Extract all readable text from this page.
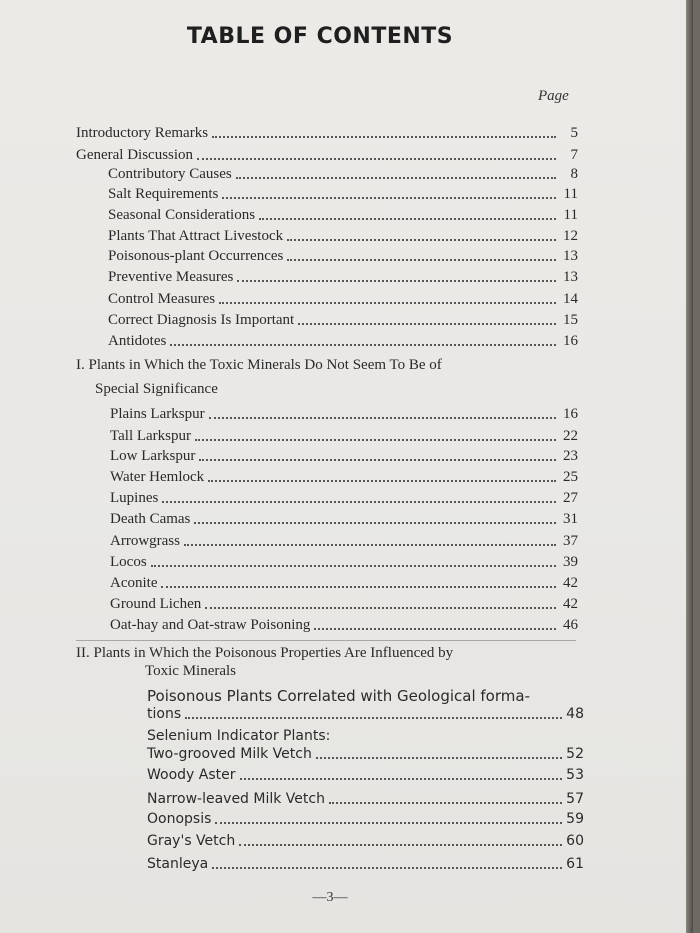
TABLE OF CONTENTS
Page
I. Plants in Which the Toxic Minerals Do Not Seem To Be of
Special Significance
II. Plants in Which the Poisonous Properties Are Influenced by
Toxic Minerals
Poisonous Plants Correlated with Geological forma-
tions	48
Selenium Indicator Plants:
Introductory Remarks	5
General Discussion	7
Contributory Causes	8
Salt Requirements	11
Seasonal Considerations	11
Plants That Attract Livestock	12
Poisonous-plant Occurrences	13
Preventive Measures	13
Control Measures	14
Correct Diagnosis Is Important	15
Antidotes	16
Plains Larkspur	16
Tall Larkspur	22
Low Larkspur	23
Water Hemlock	25
Lupines	27
Death Camas	31
Arrowgrass	37
Locos	39
Aconite	42
Ground Lichen	42
Oat-hay and Oat-straw Poisoning	46
Two-grooved Milk Vetch	52
Woody Aster	53
Narrow-leaved Milk Vetch	57
Oonopsis	59
Gray's Vetch	60
Stanleya	61
—3—
